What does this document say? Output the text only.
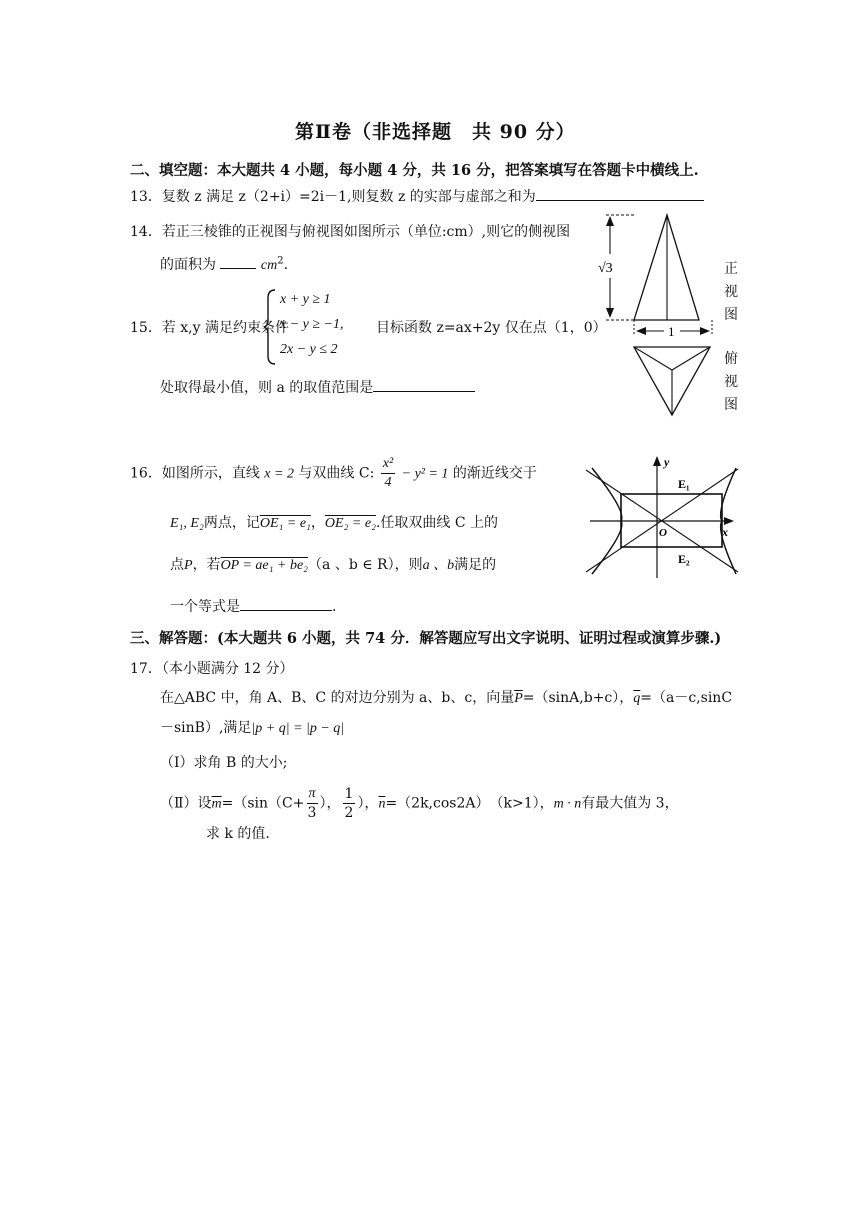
第Ⅱ卷（非选择题　共 90 分）
二、填空题：本大题共 4 小题，每小题 4 分，共 16 分，把答案填写在答题卡中横线上.
13．复数 z 满足 z（2+i）=2i－1,则复数 z 的实部与虚部之和为
14．若正三棱锥的正视图与俯视图如图所示（单位:cm）,则它的侧视图
的面积为	$cm^2$.	√3
1
正视图
俯视图
15．若 x,y 满足约束条件
x + y ≥ 1
x − y ≥ −1, 目标函数 z=ax+2y 仅在点（1，0）
2x − y ≤ 2
处取得最小值，则 a 的取值范围是
16．如图所示，直线 x = 2 与双曲线 C: $\frac{\text{x²}}{4} - y^2 = 1$ 的渐近线交于
E₁, E₂两点，记OE₁ = e₁，OE₂ = e₂.任取双曲线 C 上的
点P，若OP = ae₁ + be₂（a 、b ∈ R），则a 、b满足的
一个等式是	.
y
x
O
E₁
E₂
三、解答题：(本大题共 6 小题，共 74 分．解答题应写出文字说明、证明过程或演算步骤.)
17．（本小题满分 12 分）
在△ABC 中，角 A、B、C 的对边分别为 a、b、c，向量$\overline{P}=(\sin A,b+c)$，$\overline{q}=(a-c,\sin C$
－sinB）,满足|p + q| = |p − q|
（Ⅰ）求角 B 的大小;
（Ⅱ）设$\overline{m}=(\sin(C+ \frac{\pi}{3}$ ）， $\frac{1}{2}$ ），$\overline{n}=(2k,\cos 2A)$　（k>1），m · n有最大值为 3，
求 k 的值.
